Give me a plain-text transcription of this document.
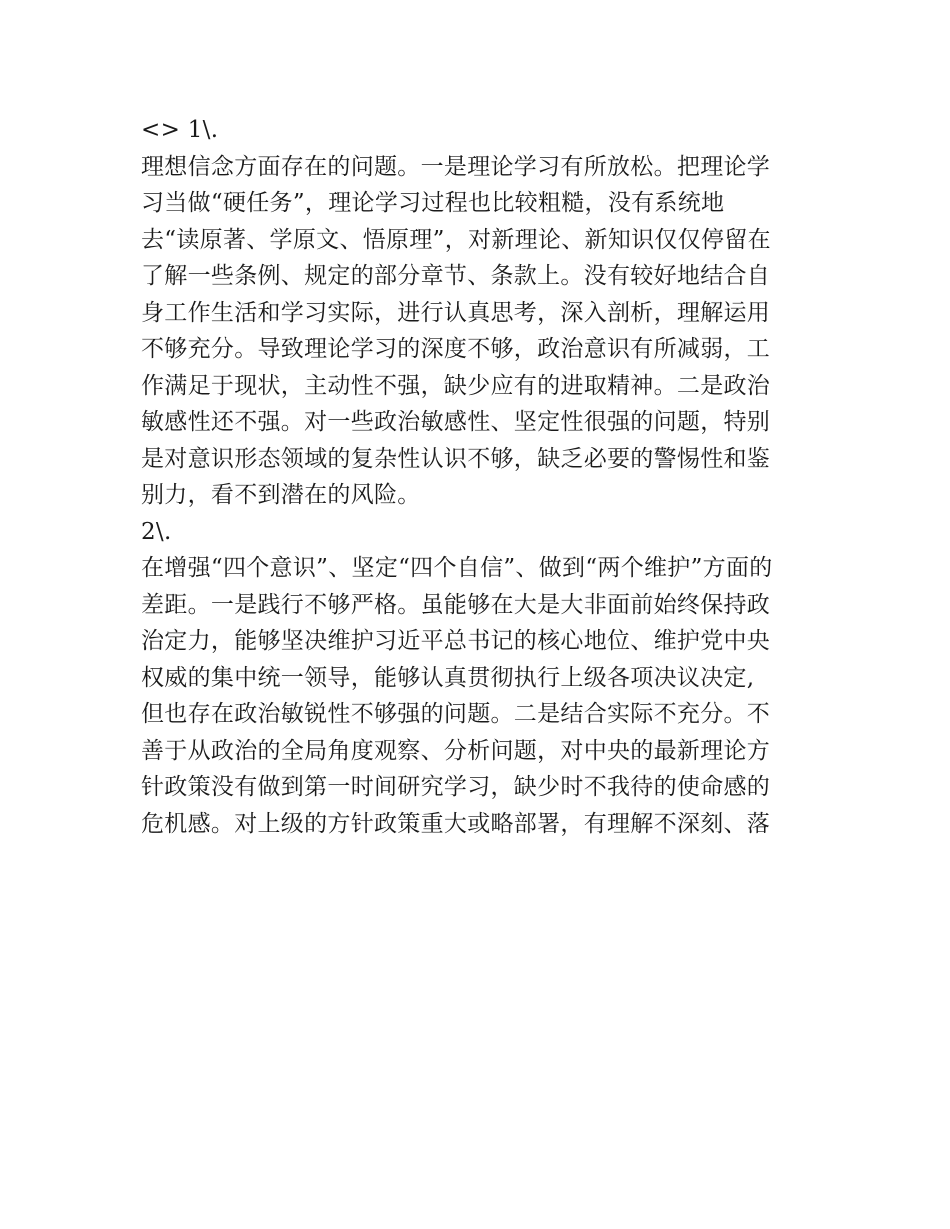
<> 1\.
理想信念方面存在的问题。一是理论学习有所放松。把理论学
习当做“硬任务”，理论学习过程也比较粗糙，没有系统地
去“读原著、学原文、悟原理”，对新理论、新知识仅仅停留在
了解一些条例、规定的部分章节、条款上。没有较好地结合自
身工作生活和学习实际，进行认真思考，深入剖析，理解运用
不够充分。导致理论学习的深度不够，政治意识有所减弱，工
作满足于现状，主动性不强，缺少应有的进取精神。二是政治
敏感性还不强。对一些政治敏感性、坚定性很强的问题，特别
是对意识形态领域的复杂性认识不够，缺乏必要的警惕性和鉴
别力，看不到潜在的风险。
2\.
在增强“四个意识”、坚定“四个自信”、做到“两个维护”方面的
差距。一是践行不够严格。虽能够在大是大非面前始终保持政
治定力，能够坚决维护习近平总书记的核心地位、维护党中央
权威的集中统一领导，能够认真贯彻执行上级各项决议决定,
但也存在政治敏锐性不够强的问题。二是结合实际不充分。不
善于从政治的全局角度观察、分析问题，对中央的最新理论方
针政策没有做到第一时间研究学习，缺少时不我待的使命感的
危机感。对上级的方针政策重大或略部署，有理解不深刻、落
